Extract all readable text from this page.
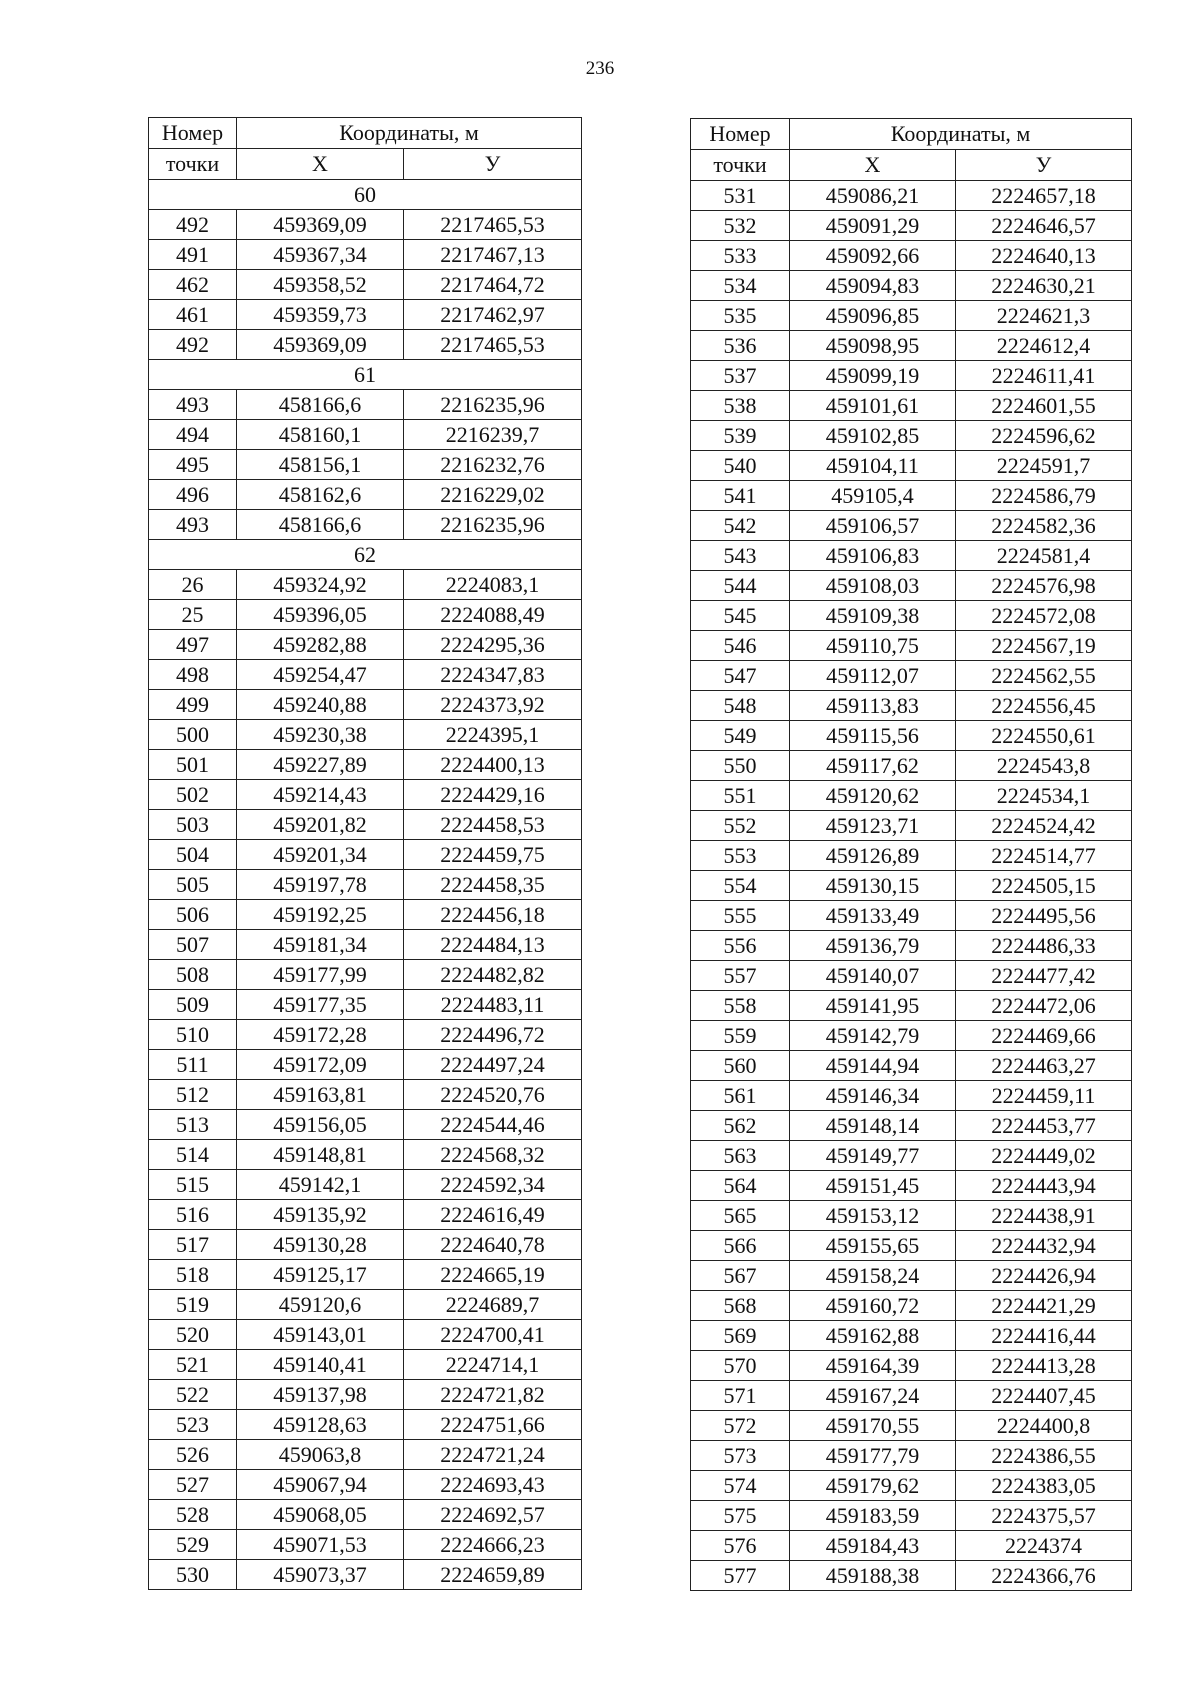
236
Номер	Координаты, м	
точки	X	У
60		
492	459369,09	2217465,53
491	459367,34	2217467,13
462	459358,52	2217464,72
461	459359,73	2217462,97
492	459369,09	2217465,53
61		
493	458166,6	2216235,96
494	458160,1	2216239,7
495	458156,1	2216232,76
496	458162,6	2216229,02
493	458166,6	2216235,96
62		
26	459324,92	2224083,1
25	459396,05	2224088,49
497	459282,88	2224295,36
498	459254,47	2224347,83
499	459240,88	2224373,92
500	459230,38	2224395,1
501	459227,89	2224400,13
502	459214,43	2224429,16
503	459201,82	2224458,53
504	459201,34	2224459,75
505	459197,78	2224458,35
506	459192,25	2224456,18
507	459181,34	2224484,13
508	459177,99	2224482,82
509	459177,35	2224483,11
510	459172,28	2224496,72
511	459172,09	2224497,24
512	459163,81	2224520,76
513	459156,05	2224544,46
514	459148,81	2224568,32
515	459142,1	2224592,34
516	459135,92	2224616,49
517	459130,28	2224640,78
518	459125,17	2224665,19
519	459120,6	2224689,7
520	459143,01	2224700,41
521	459140,41	2224714,1
522	459137,98	2224721,82
523	459128,63	2224751,66
526	459063,8	2224721,24
527	459067,94	2224693,43
528	459068,05	2224692,57
529	459071,53	2224666,23
530	459073,37	2224659,89
Номер	Координаты, м	
точки	X	У
531	459086,21	2224657,18
532	459091,29	2224646,57
533	459092,66	2224640,13
534	459094,83	2224630,21
535	459096,85	2224621,3
536	459098,95	2224612,4
537	459099,19	2224611,41
538	459101,61	2224601,55
539	459102,85	2224596,62
540	459104,11	2224591,7
541	459105,4	2224586,79
542	459106,57	2224582,36
543	459106,83	2224581,4
544	459108,03	2224576,98
545	459109,38	2224572,08
546	459110,75	2224567,19
547	459112,07	2224562,55
548	459113,83	2224556,45
549	459115,56	2224550,61
550	459117,62	2224543,8
551	459120,62	2224534,1
552	459123,71	2224524,42
553	459126,89	2224514,77
554	459130,15	2224505,15
555	459133,49	2224495,56
556	459136,79	2224486,33
557	459140,07	2224477,42
558	459141,95	2224472,06
559	459142,79	2224469,66
560	459144,94	2224463,27
561	459146,34	2224459,11
562	459148,14	2224453,77
563	459149,77	2224449,02
564	459151,45	2224443,94
565	459153,12	2224438,91
566	459155,65	2224432,94
567	459158,24	2224426,94
568	459160,72	2224421,29
569	459162,88	2224416,44
570	459164,39	2224413,28
571	459167,24	2224407,45
572	459170,55	2224400,8
573	459177,79	2224386,55
574	459179,62	2224383,05
575	459183,59	2224375,57
576	459184,43	2224374
577	459188,38	2224366,76
